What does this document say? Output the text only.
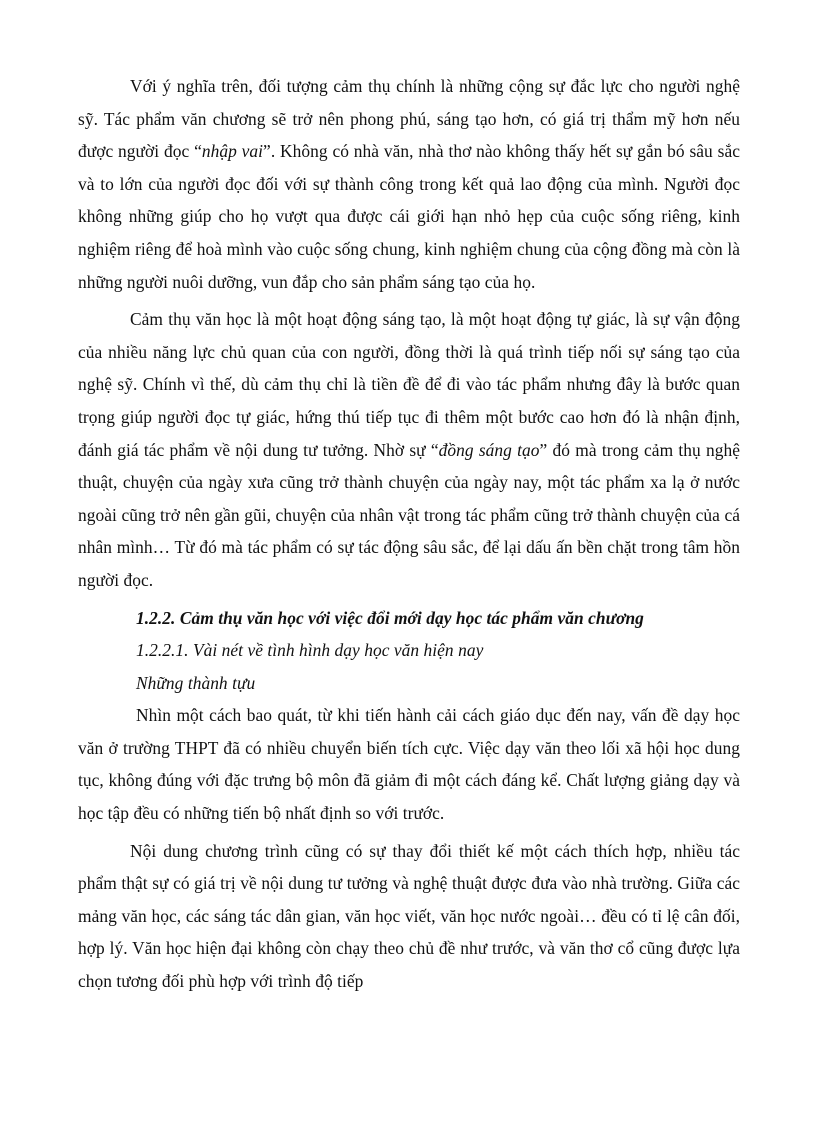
Với ý nghĩa trên, đối tượng cảm thụ chính là những cộng sự đắc lực cho người nghệ sỹ. Tác phẩm văn chương sẽ trở nên phong phú, sáng tạo hơn, có giá trị thẩm mỹ hơn nếu được người đọc “nhập vai”. Không có nhà văn, nhà thơ nào không thấy hết sự gắn bó sâu sắc và to lớn của người đọc đối với sự thành công trong kết quả lao động của mình. Người đọc không những giúp cho họ vượt qua được cái giới hạn nhỏ hẹp của cuộc sống riêng, kinh nghiệm riêng để hoà mình vào cuộc sống chung, kinh nghiệm chung của cộng đồng mà còn là những người nuôi dưỡng, vun đắp cho sản phẩm sáng tạo của họ.

Cảm thụ văn học là một hoạt động sáng tạo, là một hoạt động tự giác, là sự vận động của nhiều năng lực chủ quan của con người, đồng thời là quá trình tiếp nối sự sáng tạo của nghệ sỹ. Chính vì thế, dù cảm thụ chỉ là tiền đề để đi vào tác phẩm nhưng đây là bước quan trọng giúp người đọc tự giác, hứng thú tiếp tục đi thêm một bước cao hơn đó là nhận định, đánh giá tác phẩm về nội dung tư tưởng. Nhờ sự “đồng sáng tạo” đó mà trong cảm thụ nghệ thuật, chuyện của ngày xưa cũng trở thành chuyện của ngày nay, một tác phẩm xa lạ ở nước ngoài cũng trở nên gần gũi, chuyện của nhân vật trong tác phẩm cũng trở thành chuyện của cá nhân mình… Từ đó mà tác phẩm có sự tác động sâu sắc, để lại dấu ấn bền chặt trong tâm hồn người đọc.

1.2.2. Cảm thụ văn học với việc đổi mới dạy học tác phẩm văn chương

1.2.2.1. Vài nét về tình hình dạy học văn hiện nay

Những thành tựu

Nhìn một cách bao quát, từ khi tiến hành cải cách giáo dục đến nay, vấn đề dạy học văn ở trường THPT đã có nhiều chuyển biến tích cực. Việc dạy văn theo lối xã hội học dung tục, không đúng với đặc trưng bộ môn đã giảm đi một cách đáng kể. Chất lượng giảng dạy và học tập đều có những tiến bộ nhất định so với trước.

Nội dung chương trình cũng có sự thay đổi thiết kế một cách thích hợp, nhiều tác phẩm thật sự có giá trị về nội dung tư tưởng và nghệ thuật được đưa vào nhà trường. Giữa các mảng văn học, các sáng tác dân gian, văn học viết, văn học nước ngoài… đều có tỉ lệ cân đối, hợp lý. Văn học hiện đại không còn chạy theo chủ đề như trước, và văn thơ cổ cũng được lựa chọn tương đối phù hợp với trình độ tiếp
